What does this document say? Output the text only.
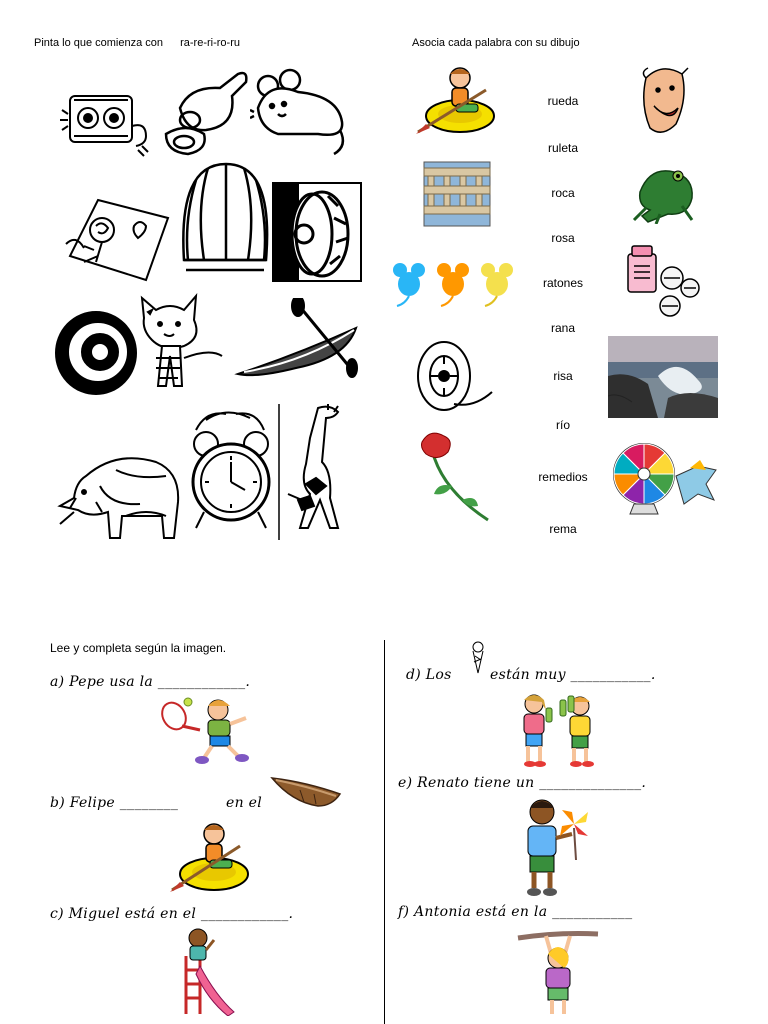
Pinta lo que comienza con ra-re-ri-ro-ru	Asocia cada palabra con su dibujo
rueda
ruleta
roca
rosa
ratones
rana
risa
río
remedios
rema
Lee y completa según la imagen.
a) Pepe usa la ____________.
b) Felipe ________	en el
c) Miguel está en el ____________.
d) Los	están muy ___________.
e) Renato tiene un ______________.
f) Antonia está en la ___________
